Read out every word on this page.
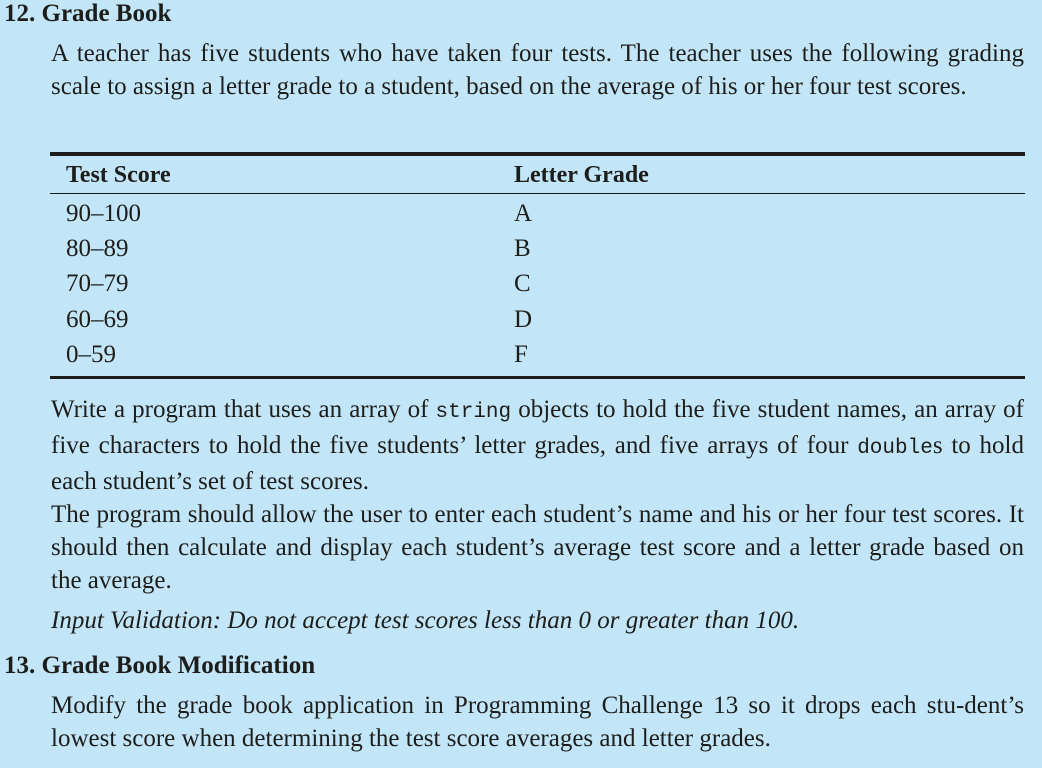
12. Grade Book
A teacher has five students who have taken four tests. The teacher uses the following grading scale to assign a letter grade to a student, based on the average of his or her four test scores.
Test Score	Letter Grade
90–100	A
80–89	B
70–79	C
60–69	D
0–59	F
Write a program that uses an array of string objects to hold the five student names, an array of five characters to hold the five students’ letter grades, and five arrays of four doubles to hold each student’s set of test scores.
The program should allow the user to enter each student’s name and his or her four test scores. It should then calculate and display each student’s average test score and a letter grade based on the average.
Input Validation: Do not accept test scores less than 0 or greater than 100.
13. Grade Book Modification
Modify the grade book application in Programming Challenge 13 so it drops each stu-dent’s lowest score when determining the test score averages and letter grades.
